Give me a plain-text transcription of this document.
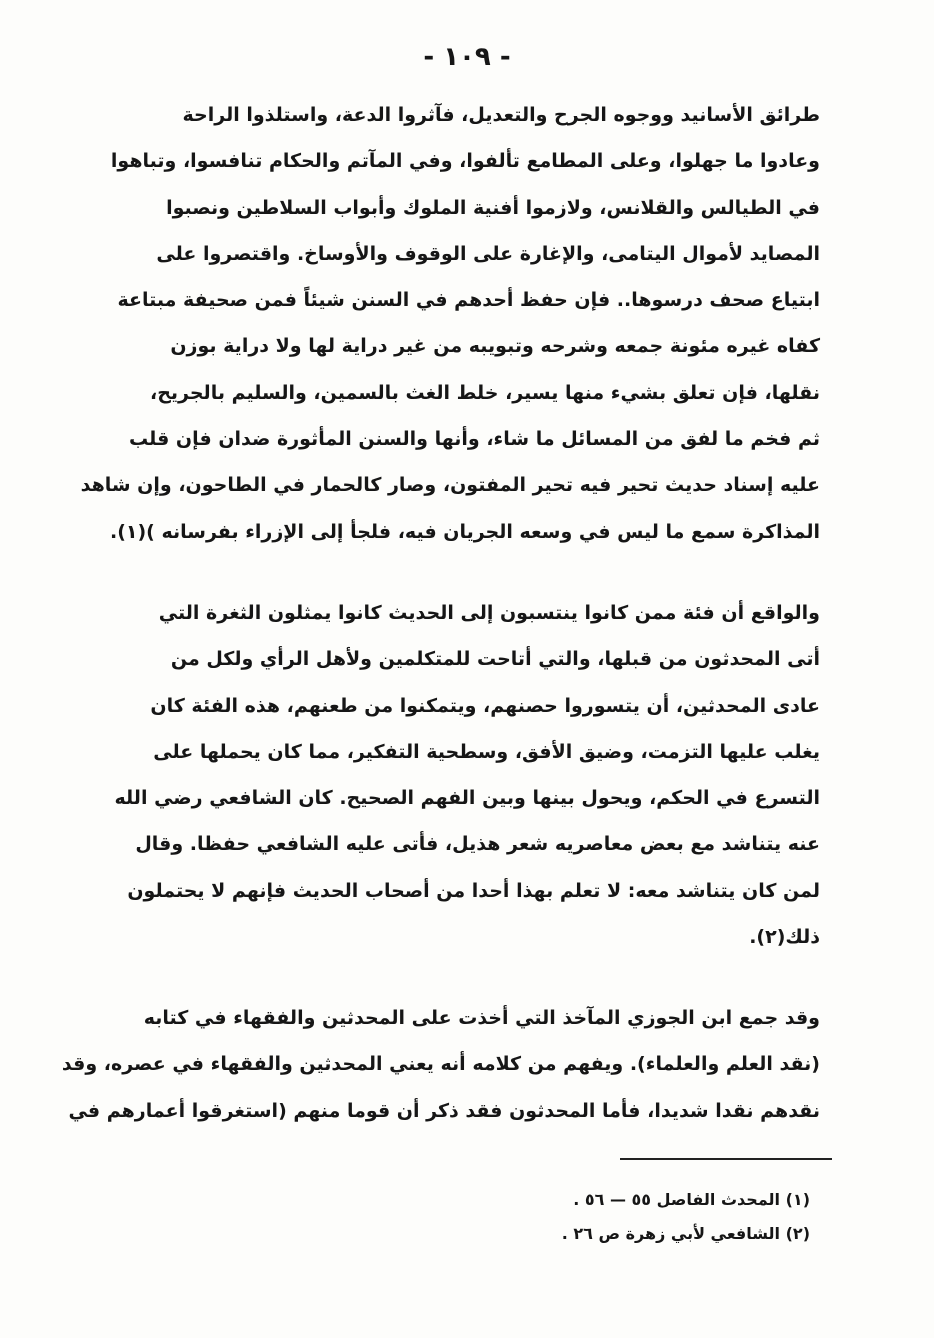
- ١٠٩ -
طرائق الأسانيد ووجوه الجرح والتعديل، فآثروا الدعة، واستلذوا الراحة
وعادوا ما جهلوا، وعلى المطامع تألفوا، وفي المآتم والحكام تنافسوا، وتباهوا
في الطيالس والقلانس، ولازموا أفنية الملوك وأبواب السلاطين ونصبوا
المصايد لأموال اليتامى، والإغارة على الوقوف والأوساخ. واقتصروا على
ابتياع صحف درسوها.. فإن حفظ أحدهم في السنن شيئاً فمن صحيفة مبتاعة
كفاه غيره مئونة جمعه وشرحه وتبويبه من غير دراية لها ولا دراية بوزن
نقلها، فإن تعلق بشيء منها يسير، خلط الغث بالسمين، والسليم بالجريح،
ثم فخم ما لفق من المسائل ما شاء، وأنها والسنن المأثورة ضدان فإن قلب
عليه إسناد حديث تحير فيه تحير المفتون، وصار كالحمار في الطاحون، وإن شاهد
المذاكرة سمع ما ليس في وسعه الجريان فيه، فلجأ إلى الإزراء بفرسانه )(١).
والواقع أن فئة ممن كانوا ينتسبون إلى الحديث كانوا يمثلون الثغرة التي
أتى المحدثون من قبلها، والتي أتاحت للمتكلمين ولأهل الرأي ولكل من
عادى المحدثين، أن يتسوروا حصنهم، ويتمكنوا من طعنهم، هذه الفئة كان
يغلب عليها التزمت، وضيق الأفق، وسطحية التفكير، مما كان يحملها على
التسرع في الحكم، ويحول بينها وبين الفهم الصحيح. كان الشافعي رضي الله
عنه يتناشد مع بعض معاصريه شعر هذيل، فأتى عليه الشافعي حفظا. وقال
لمن كان يتناشد معه: لا تعلم بهذا أحدا من أصحاب الحديث فإنهم لا يحتملون
ذلك(٢).
وقد جمع ابن الجوزي المآخذ التي أخذت على المحدثين والفقهاء في كتابه
(نقد العلم والعلماء). ويفهم من كلامه أنه يعني المحدثين والفقهاء في عصره، وقد
نقدهم نقدا شديدا، فأما المحدثون فقد ذكر أن قوما منهم (استغرقوا أعمارهم في
(١) المحدث الفاصل ٥٥ — ٥٦ .
(٢) الشافعي لأبي زهرة ص ٢٦ .
